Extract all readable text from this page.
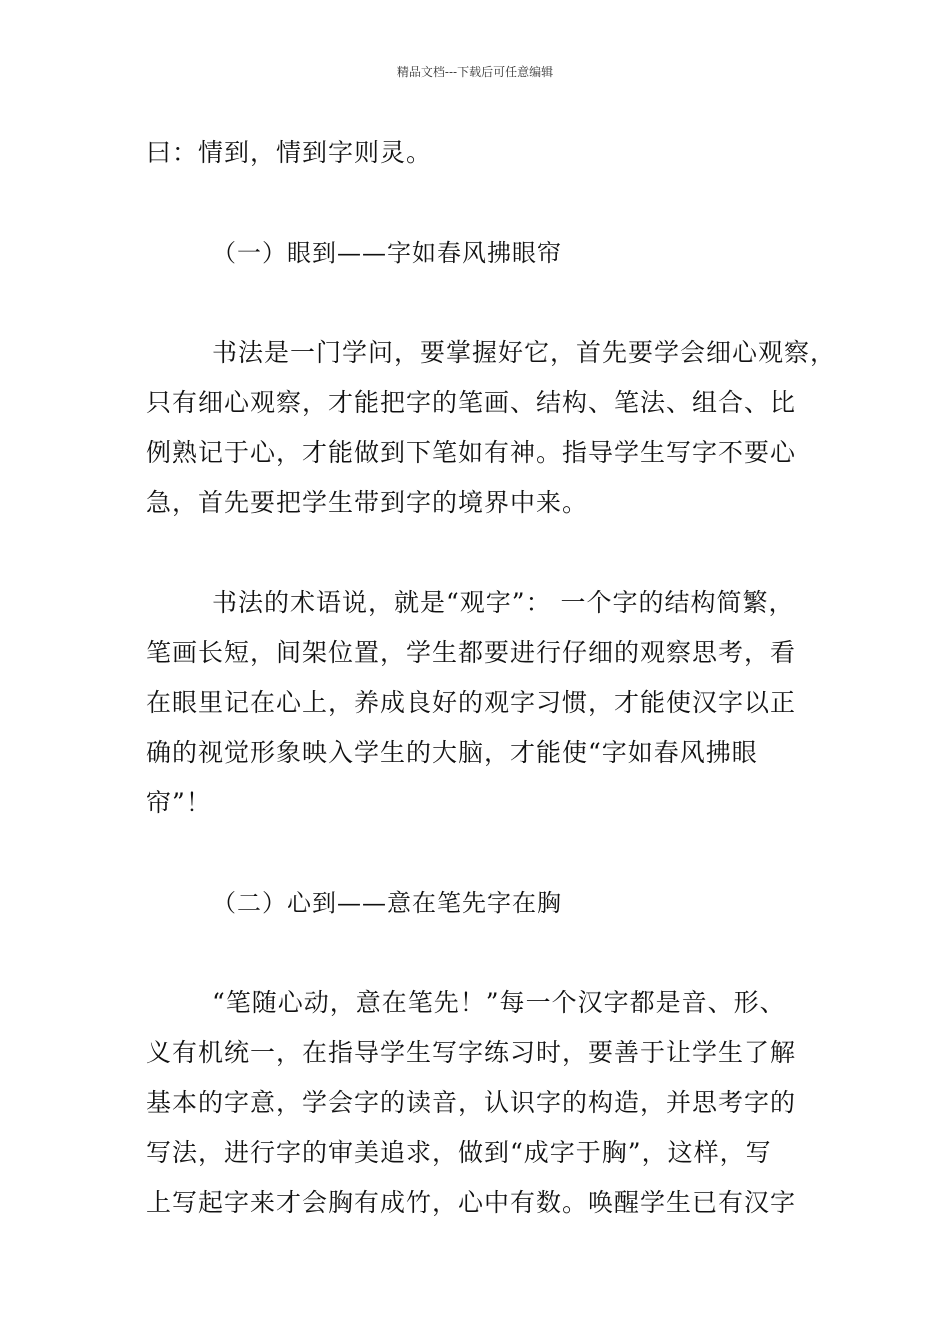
精品文档---下载后可任意编辑
曰：情到，情到字则灵。
（一）眼到——字如春风拂眼帘
书法是一门学问，要掌握好它，首先要学会细心观察，
只有细心观察，才能把字的笔画、结构、笔法、组合、比
例熟记于心，才能做到下笔如有神。指导学生写字不要心
急，首先要把学生带到字的境界中来。
书法的术语说，就是“观字”： 一个字的结构简繁，
笔画长短，间架位置，学生都要进行仔细的观察思考，看
在眼里记在心上，养成良好的观字习惯，才能使汉字以正
确的视觉形象映入学生的大脑，才能使“字如春风拂眼
帘”！
（二）心到——意在笔先字在胸
“笔随心动，意在笔先！”每一个汉字都是音、形、
义有机统一，在指导学生写字练习时，要善于让学生了解
基本的字意，学会字的读音，认识字的构造，并思考字的
写法，进行字的审美追求，做到“成字于胸”，这样，写
上写起字来才会胸有成竹，心中有数。唤醒学生已有汉字
